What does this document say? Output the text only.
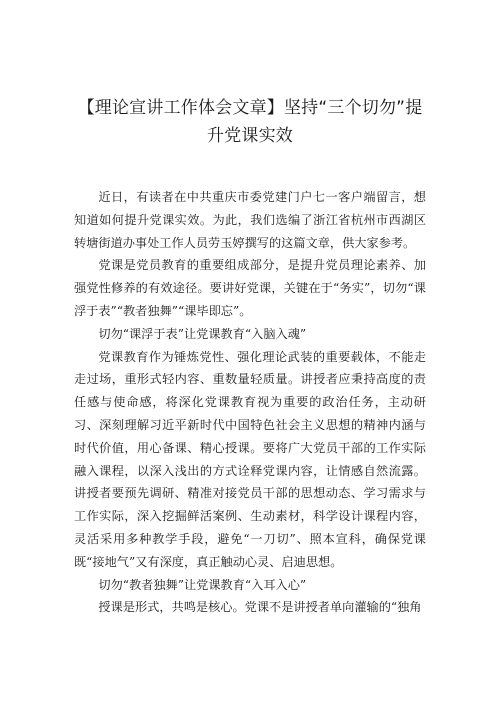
【理论宣讲工作体会文章】坚持“三个切勿”提
升党课实效

近日，有读者在中共重庆市委党建门户七一客户端留言，想知道如何提升党课实效。为此，我们选编了浙江省杭州市西湖区转塘街道办事处工作人员劳玉婷撰写的这篇文章，供大家参考。

党课是党员教育的重要组成部分，是提升党员理论素养、加强党性修养的有效途径。要讲好党课，关键在于“务实”，切勿“课浮于表”“教者独舞”“课毕即忘”。

切勿“课浮于表”让党课教育“入脑入魂”

党课教育作为锤炼党性、强化理论武装的重要载体，不能走走过场，重形式轻内容、重数量轻质量。讲授者应秉持高度的责任感与使命感，将深化党课教育视为重要的政治任务，主动研习、深刻理解习近平新时代中国特色社会主义思想的精神内涵与时代价值，用心备课、精心授课。要将广大党员干部的工作实际融入课程，以深入浅出的方式诠释党课内容，让情感自然流露。讲授者要预先调研、精准对接党员干部的思想动态、学习需求与工作实际，深入挖掘鲜活案例、生动素材，科学设计课程内容，灵活采用多种教学手段，避免“一刀切”、照本宣科，确保党课既“接地气”又有深度，真正触动心灵、启迪思想。

切勿“教者独舞”让党课教育“入耳入心”

授课是形式，共鸣是核心。党课不是讲授者单向灌输的“独角
